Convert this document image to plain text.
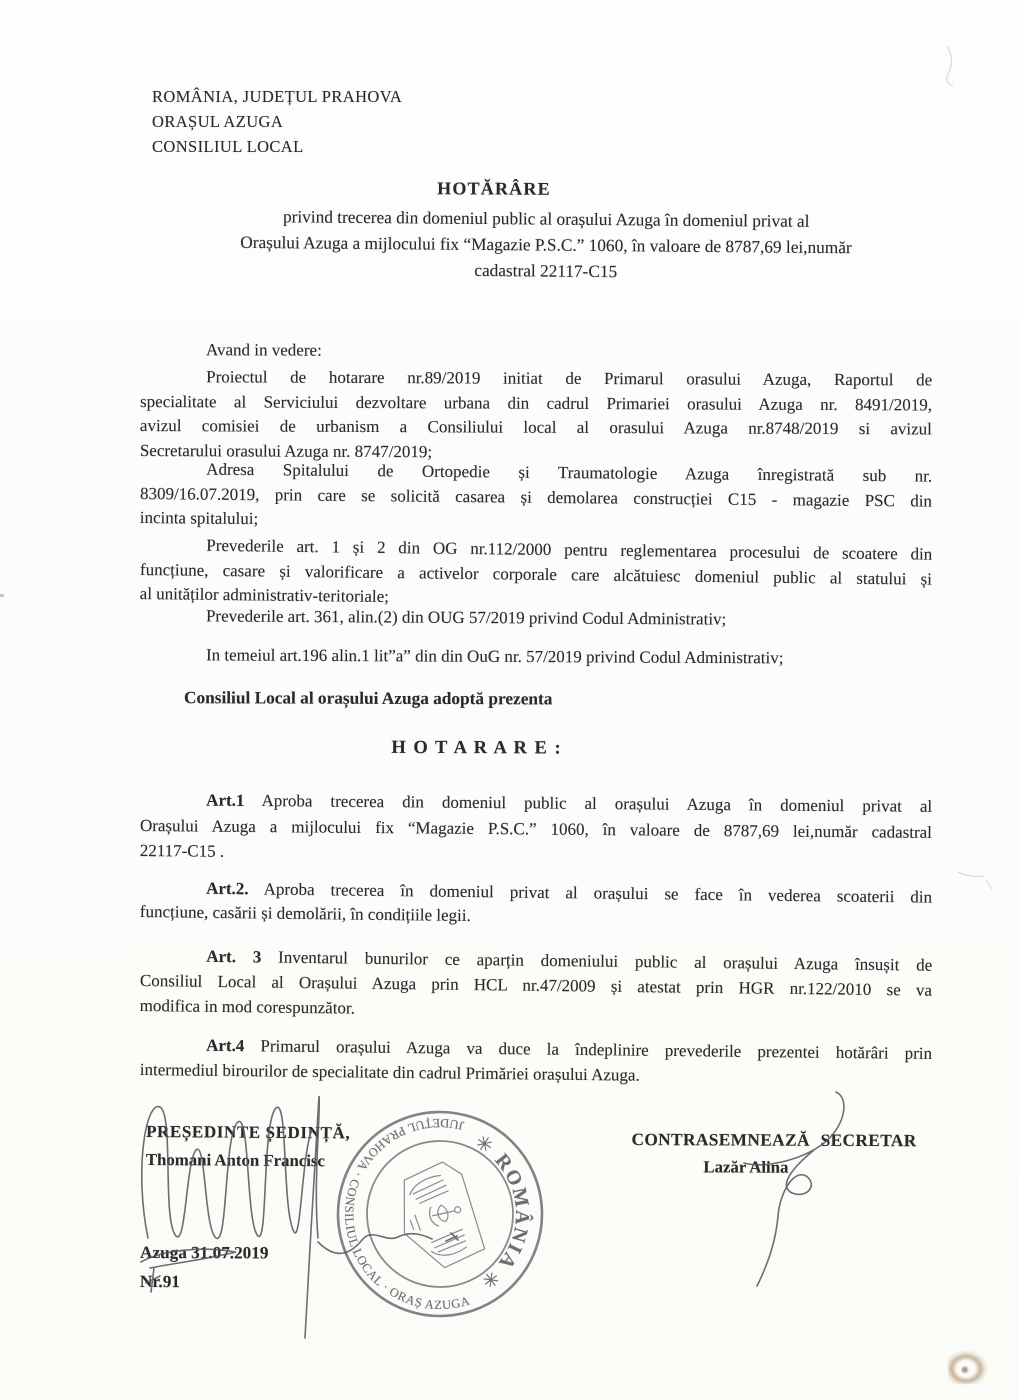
ROMÂNIA, JUDEȚUL PRAHOVA
ORAȘUL AZUGA
CONSILIUL LOCAL
HOTĂRÂRE
privind trecerea din domeniul public al orașului Azuga în domeniul privat al
Orașului Azuga a mijlocului fix “Magazie P.S.C.” 1060, în valoare de 8787,69 lei,număr
cadastral 22117-C15
Avand in vedere:
Proiectul de hotarare nr.89/2019 initiat de Primarul orasului Azuga, Raportul de
specialitate al Serviciului dezvoltare urbana din cadrul Primariei orasului Azuga nr. 8491/2019,
avizul comisiei de urbanism a Consiliului local al orasului Azuga nr.8748/2019 si avizul
Secretarului orasului Azuga nr. 8747/2019;
Adresa Spitalului de Ortopedie și Traumatologie Azuga înregistrată sub nr.
8309/16.07.2019, prin care se solicită casarea și demolarea construcției C15 - magazie PSC din
incinta spitalului;
Prevederile art. 1 și 2 din OG nr.112/2000 pentru reglementarea procesului de scoatere din
funcțiune, casare și valorificare a activelor corporale care alcătuiesc domeniul public al statului și
al unităților administrativ-teritoriale;
Prevederile art. 361, alin.(2) din OUG 57/2019 privind Codul Administrativ;
In temeiul art.196 alin.1 lit”a” din din OuG nr. 57/2019 privind Codul Administrativ;
Consiliul Local al orașului Azuga adoptă prezenta
H O T A R A R E :
Art.1 Aproba trecerea din domeniul public al orașului Azuga în domeniul privat al
Orașului Azuga a mijlocului fix “Magazie P.S.C.” 1060, în valoare de 8787,69 lei,număr cadastral
22117-C15 .
Art.2. Aproba trecerea în domeniul privat al orașului se face în vederea scoaterii din
funcțiune, casării și demolării, în condițiile legii.
Art. 3 Inventarul bunurilor ce aparțin domeniului public al orașului Azuga însușit de
Consiliul Local al Orașului Azuga prin HCL nr.47/2009 și atestat prin HGR nr.122/2010 se va
modifica in mod corespunzător.
Art.4 Primarul orașului Azuga va duce la îndeplinire prevederile prezentei hotărâri prin
intermediul birourilor de specialitate din cadrul Primăriei orașului Azuga.
PREȘEDINTE ȘEDINȚĂ,
Thomani Anton Francisc
CONTRASEMNEAZĂ SECRETAR
Lazăr Alina
Azuga 31.07.2019
Nr.91
✳ ROMÂNIA ✳
JUDEȚUL PRAHOVA · CONSILIUL LOCAL · ORAȘ AZUGA
